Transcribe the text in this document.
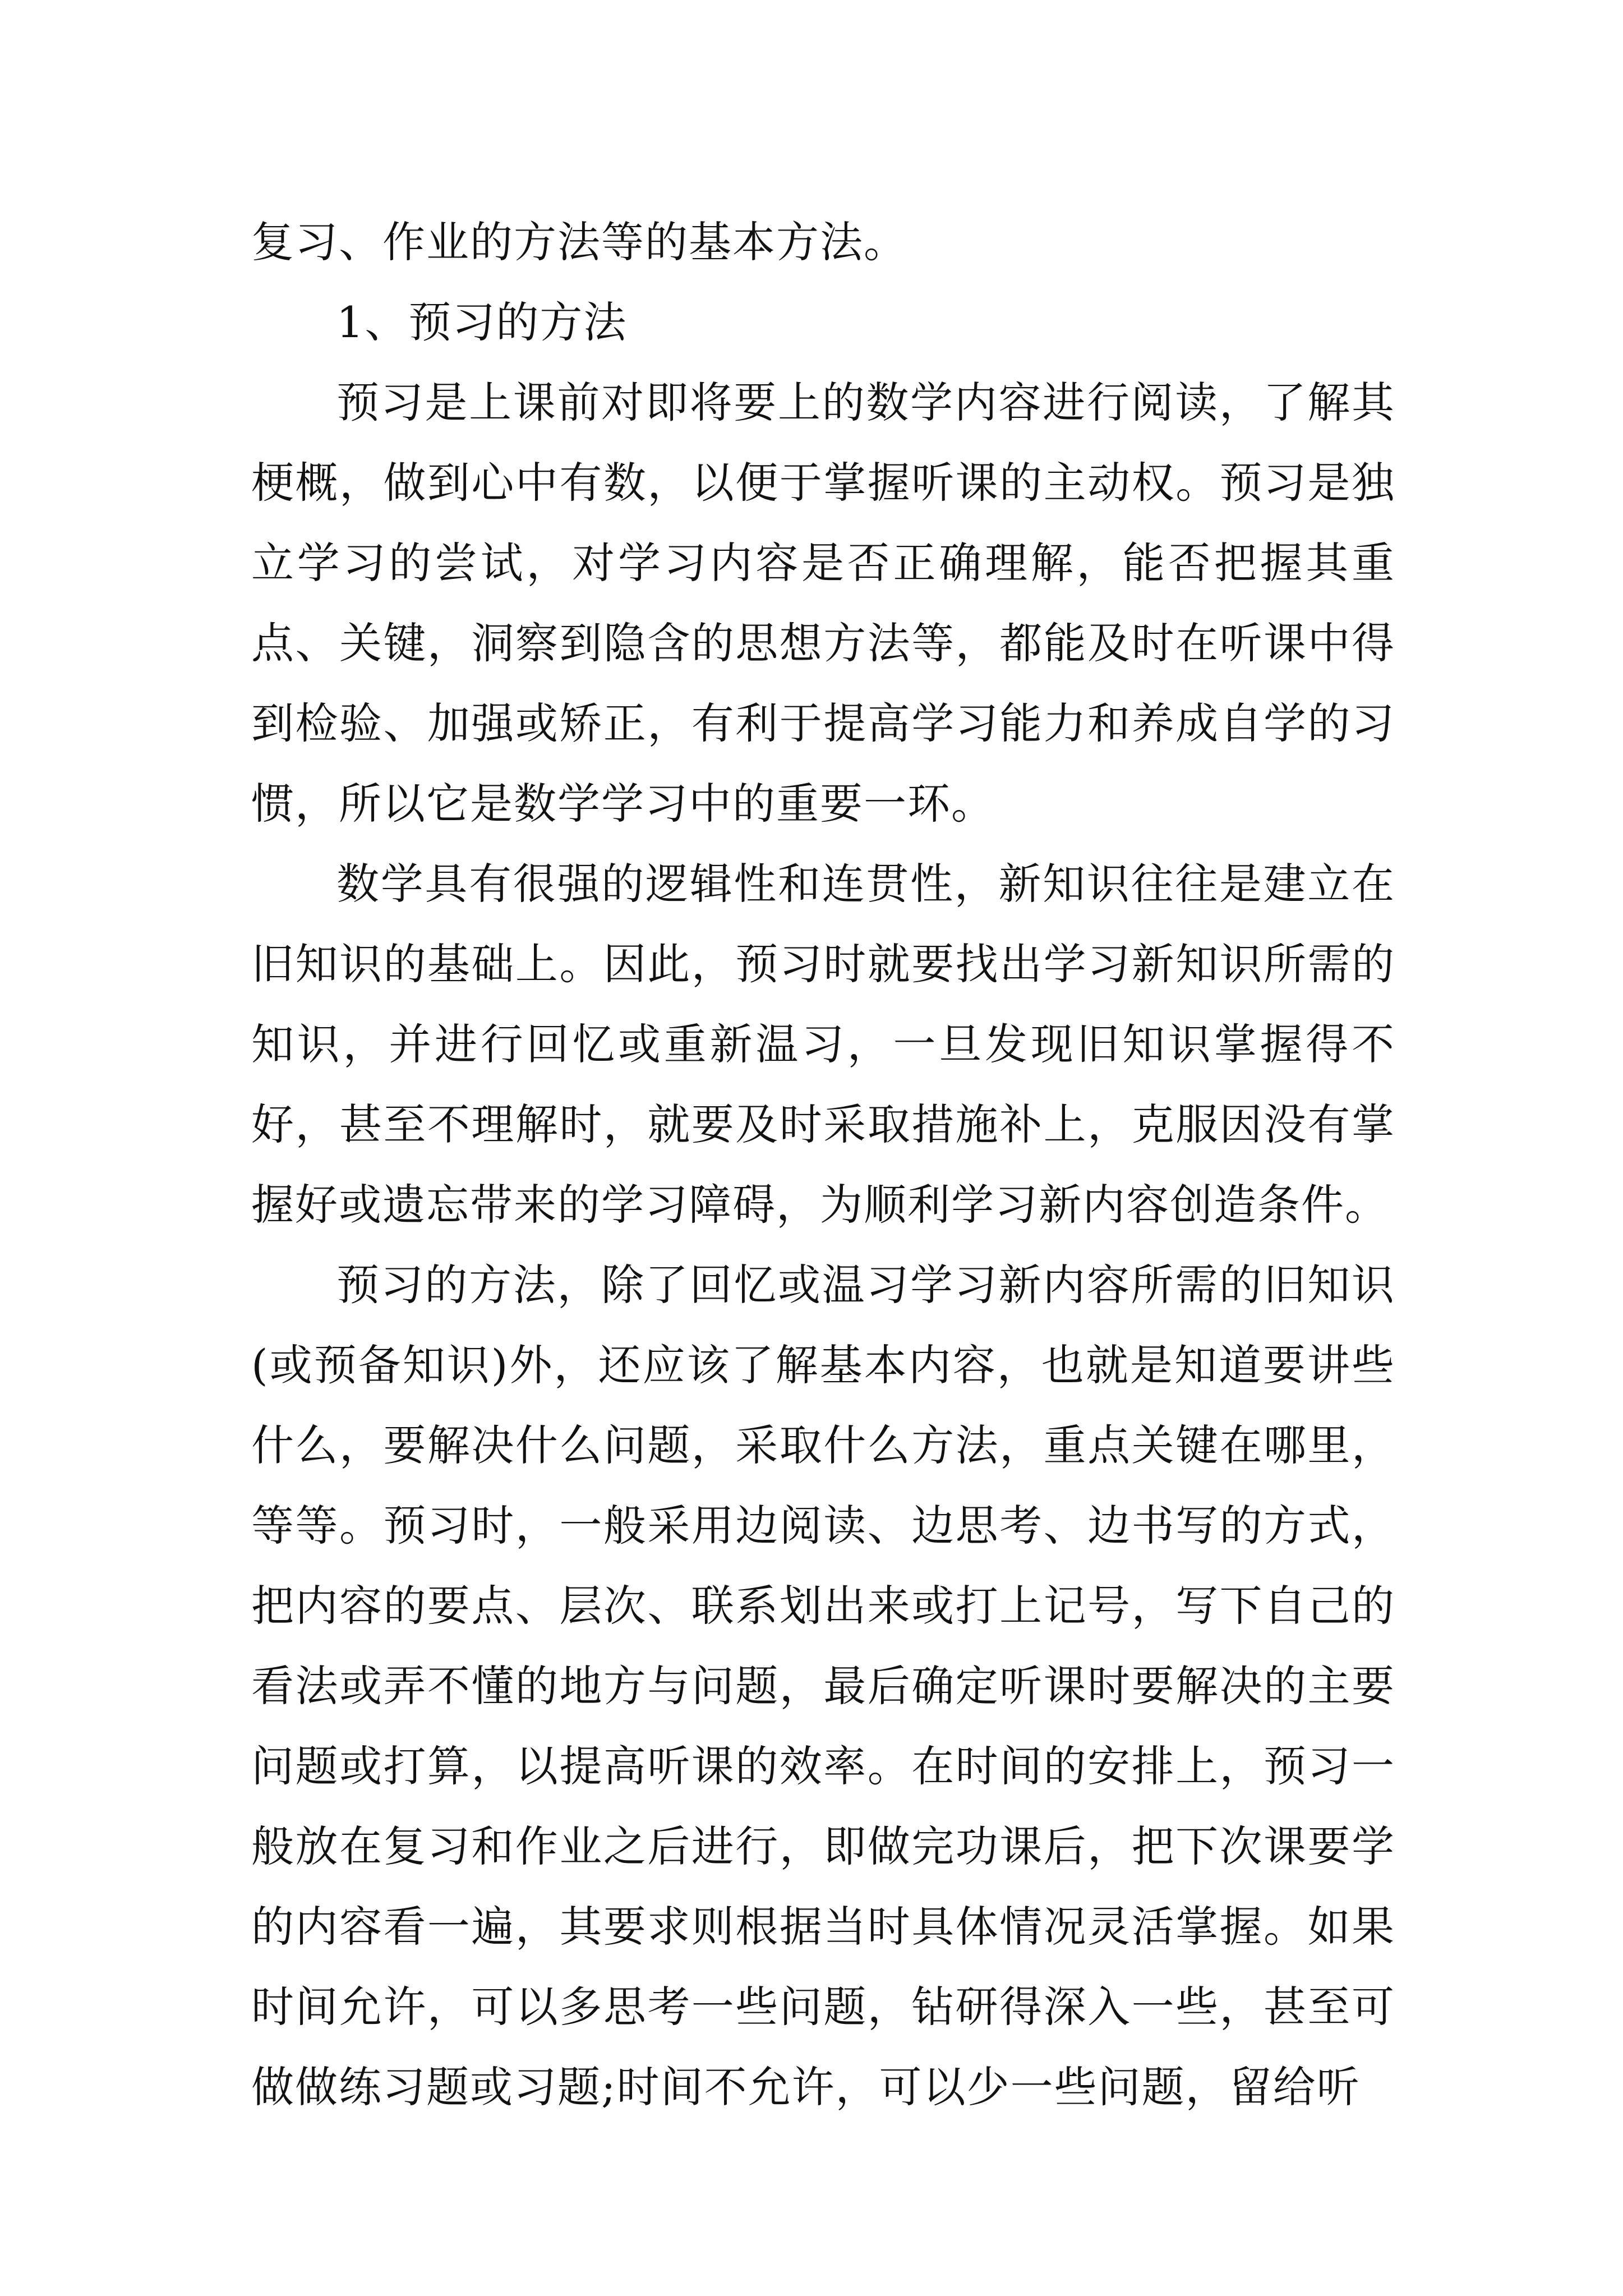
复习、作业的方法等的基本方法。

1、预习的方法

预习是上课前对即将要上的数学内容进行阅读，了解其梗概，做到心中有数，以便于掌握听课的主动权。预习是独立学习的尝试，对学习内容是否正确理解，能否把握其重点、关键，洞察到隐含的思想方法等，都能及时在听课中得到检验、加强或矫正，有利于提高学习能力和养成自学的习惯，所以它是数学学习中的重要一环。

数学具有很强的逻辑性和连贯性，新知识往往是建立在旧知识的基础上。因此，预习时就要找出学习新知识所需的知识，并进行回忆或重新温习，一旦发现旧知识掌握得不好，甚至不理解时，就要及时采取措施补上，克服因没有掌握好或遗忘带来的学习障碍，为顺利学习新内容创造条件。

预习的方法，除了回忆或温习学习新内容所需的旧知识(或预备知识)外，还应该了解基本内容，也就是知道要讲些什么，要解决什么问题，采取什么方法，重点关键在哪里，等等。预习时，一般采用边阅读、边思考、边书写的方式，把内容的要点、层次、联系划出来或打上记号，写下自己的看法或弄不懂的地方与问题，最后确定听课时要解决的主要问题或打算，以提高听课的效率。在时间的安排上，预习一般放在复习和作业之后进行，即做完功课后，把下次课要学的内容看一遍，其要求则根据当时具体情况灵活掌握。如果时间允许，可以多思考一些问题，钻研得深入一些，甚至可做做练习题或习题;时间不允许，可以少一些问题，留给听
